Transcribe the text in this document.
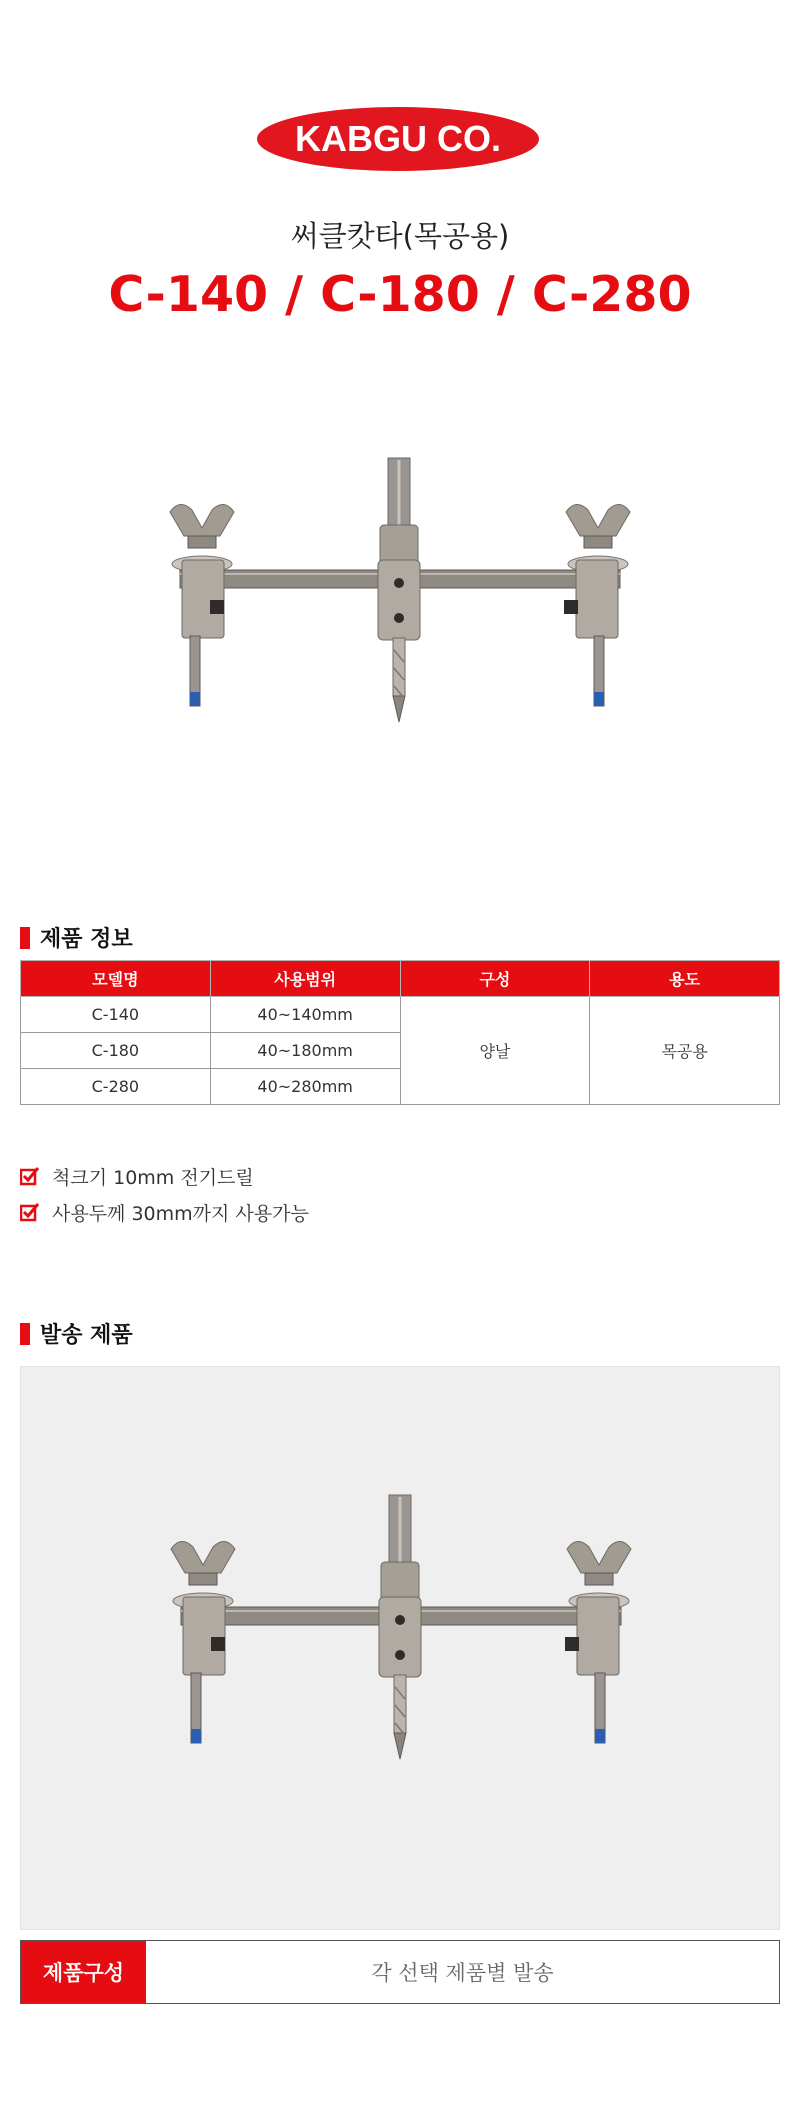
KABGU CO.
써클캇타(목공용)
C-140 / C-180 / C-280
제품 정보
모델명	사용범위	구성	용도
C-140	40~140mm	양날	목공용
C-180	40~180mm		
C-280	40~280mm		
척크기 10mm 전기드릴
사용두께 30mm까지 사용가능
발송 제품
제품구성	각 선택 제품별 발송
